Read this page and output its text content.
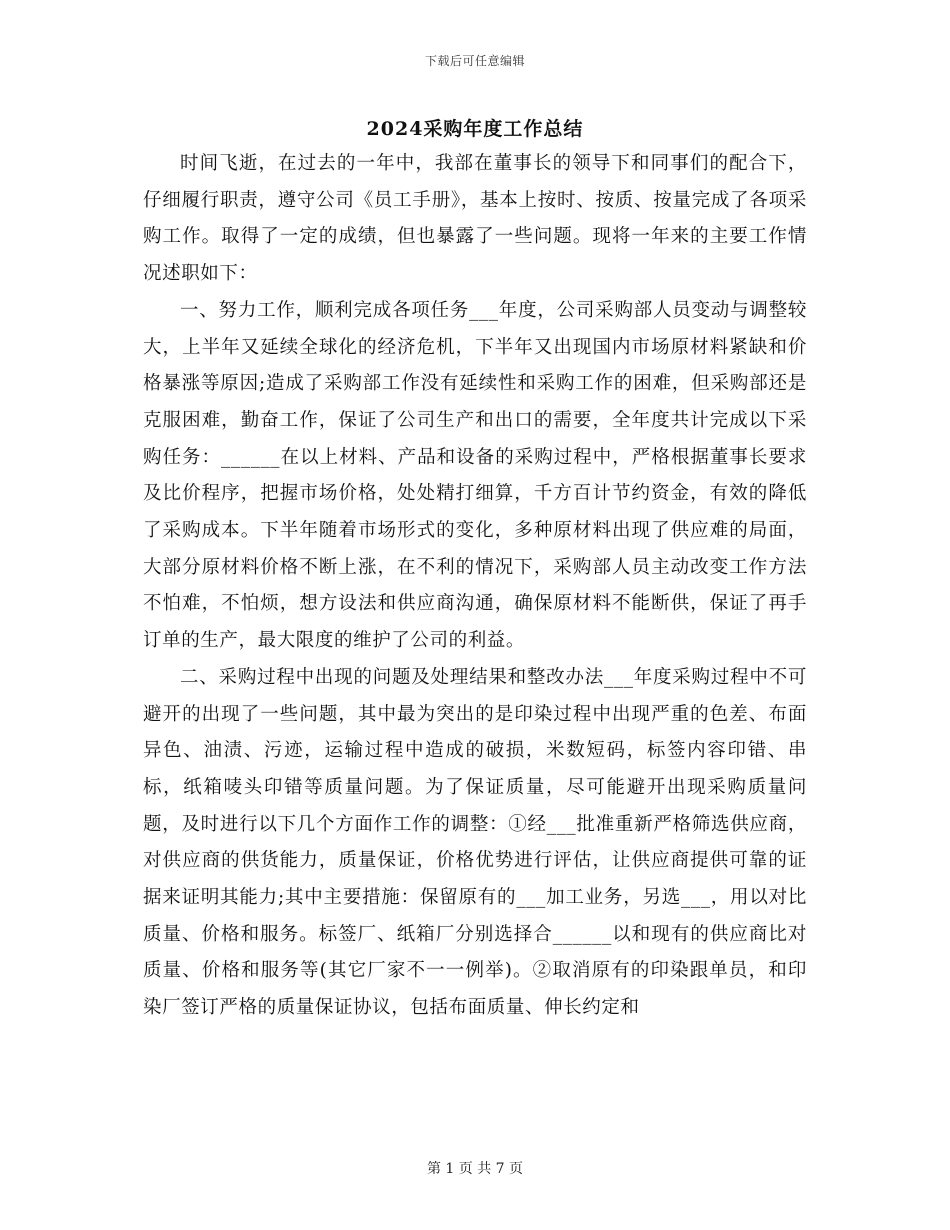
下载后可任意编辑
2024采购年度工作总结

时间飞逝，在过去的一年中，我部在董事长的领导下和同事们的配合下，仔细履行职责，遵守公司《员工手册》，基本上按时、按质、按量完成了各项采购工作。取得了一定的成绩，但也暴露了一些问题。现将一年来的主要工作情况述职如下：

一、努力工作，顺利完成各项任务___年度，公司采购部人员变动与调整较大，上半年又延续全球化的经济危机，下半年又出现国内市场原材料紧缺和价格暴涨等原因;造成了采购部工作没有延续性和采购工作的困难，但采购部还是克服困难，勤奋工作，保证了公司生产和出口的需要，全年度共计完成以下采购任务：______在以上材料、产品和设备的采购过程中，严格根据董事长要求及比价程序，把握市场价格，处处精打细算，千方百计节约资金，有效的降低了采购成本。下半年随着市场形式的变化，多种原材料出现了供应难的局面，大部分原材料价格不断上涨，在不利的情况下，采购部人员主动改变工作方法不怕难，不怕烦，想方设法和供应商沟通，确保原材料不能断供，保证了再手订单的生产，最大限度的维护了公司的利益。

二、采购过程中出现的问题及处理结果和整改办法___年度采购过程中不可避开的出现了一些问题，其中最为突出的是印染过程中出现严重的色差、布面异色、油渍、污迹，运输过程中造成的破损，米数短码，标签内容印错、串标，纸箱唛头印错等质量问题。为了保证质量，尽可能避开出现采购质量问题，及时进行以下几个方面作工作的调整：①经___批准重新严格筛选供应商，对供应商的供货能力，质量保证，价格优势进行评估，让供应商提供可靠的证据来证明其能力;其中主要措施：保留原有的___加工业务，另选___，用以对比质量、价格和服务。标签厂、纸箱厂分别选择合______以和现有的供应商比对质量、价格和服务等(其它厂家不一一例举)。②取消原有的印染跟单员，和印染厂签订严格的质量保证协议，包括布面质量、伸长约定和

第 1 页 共 7 页
